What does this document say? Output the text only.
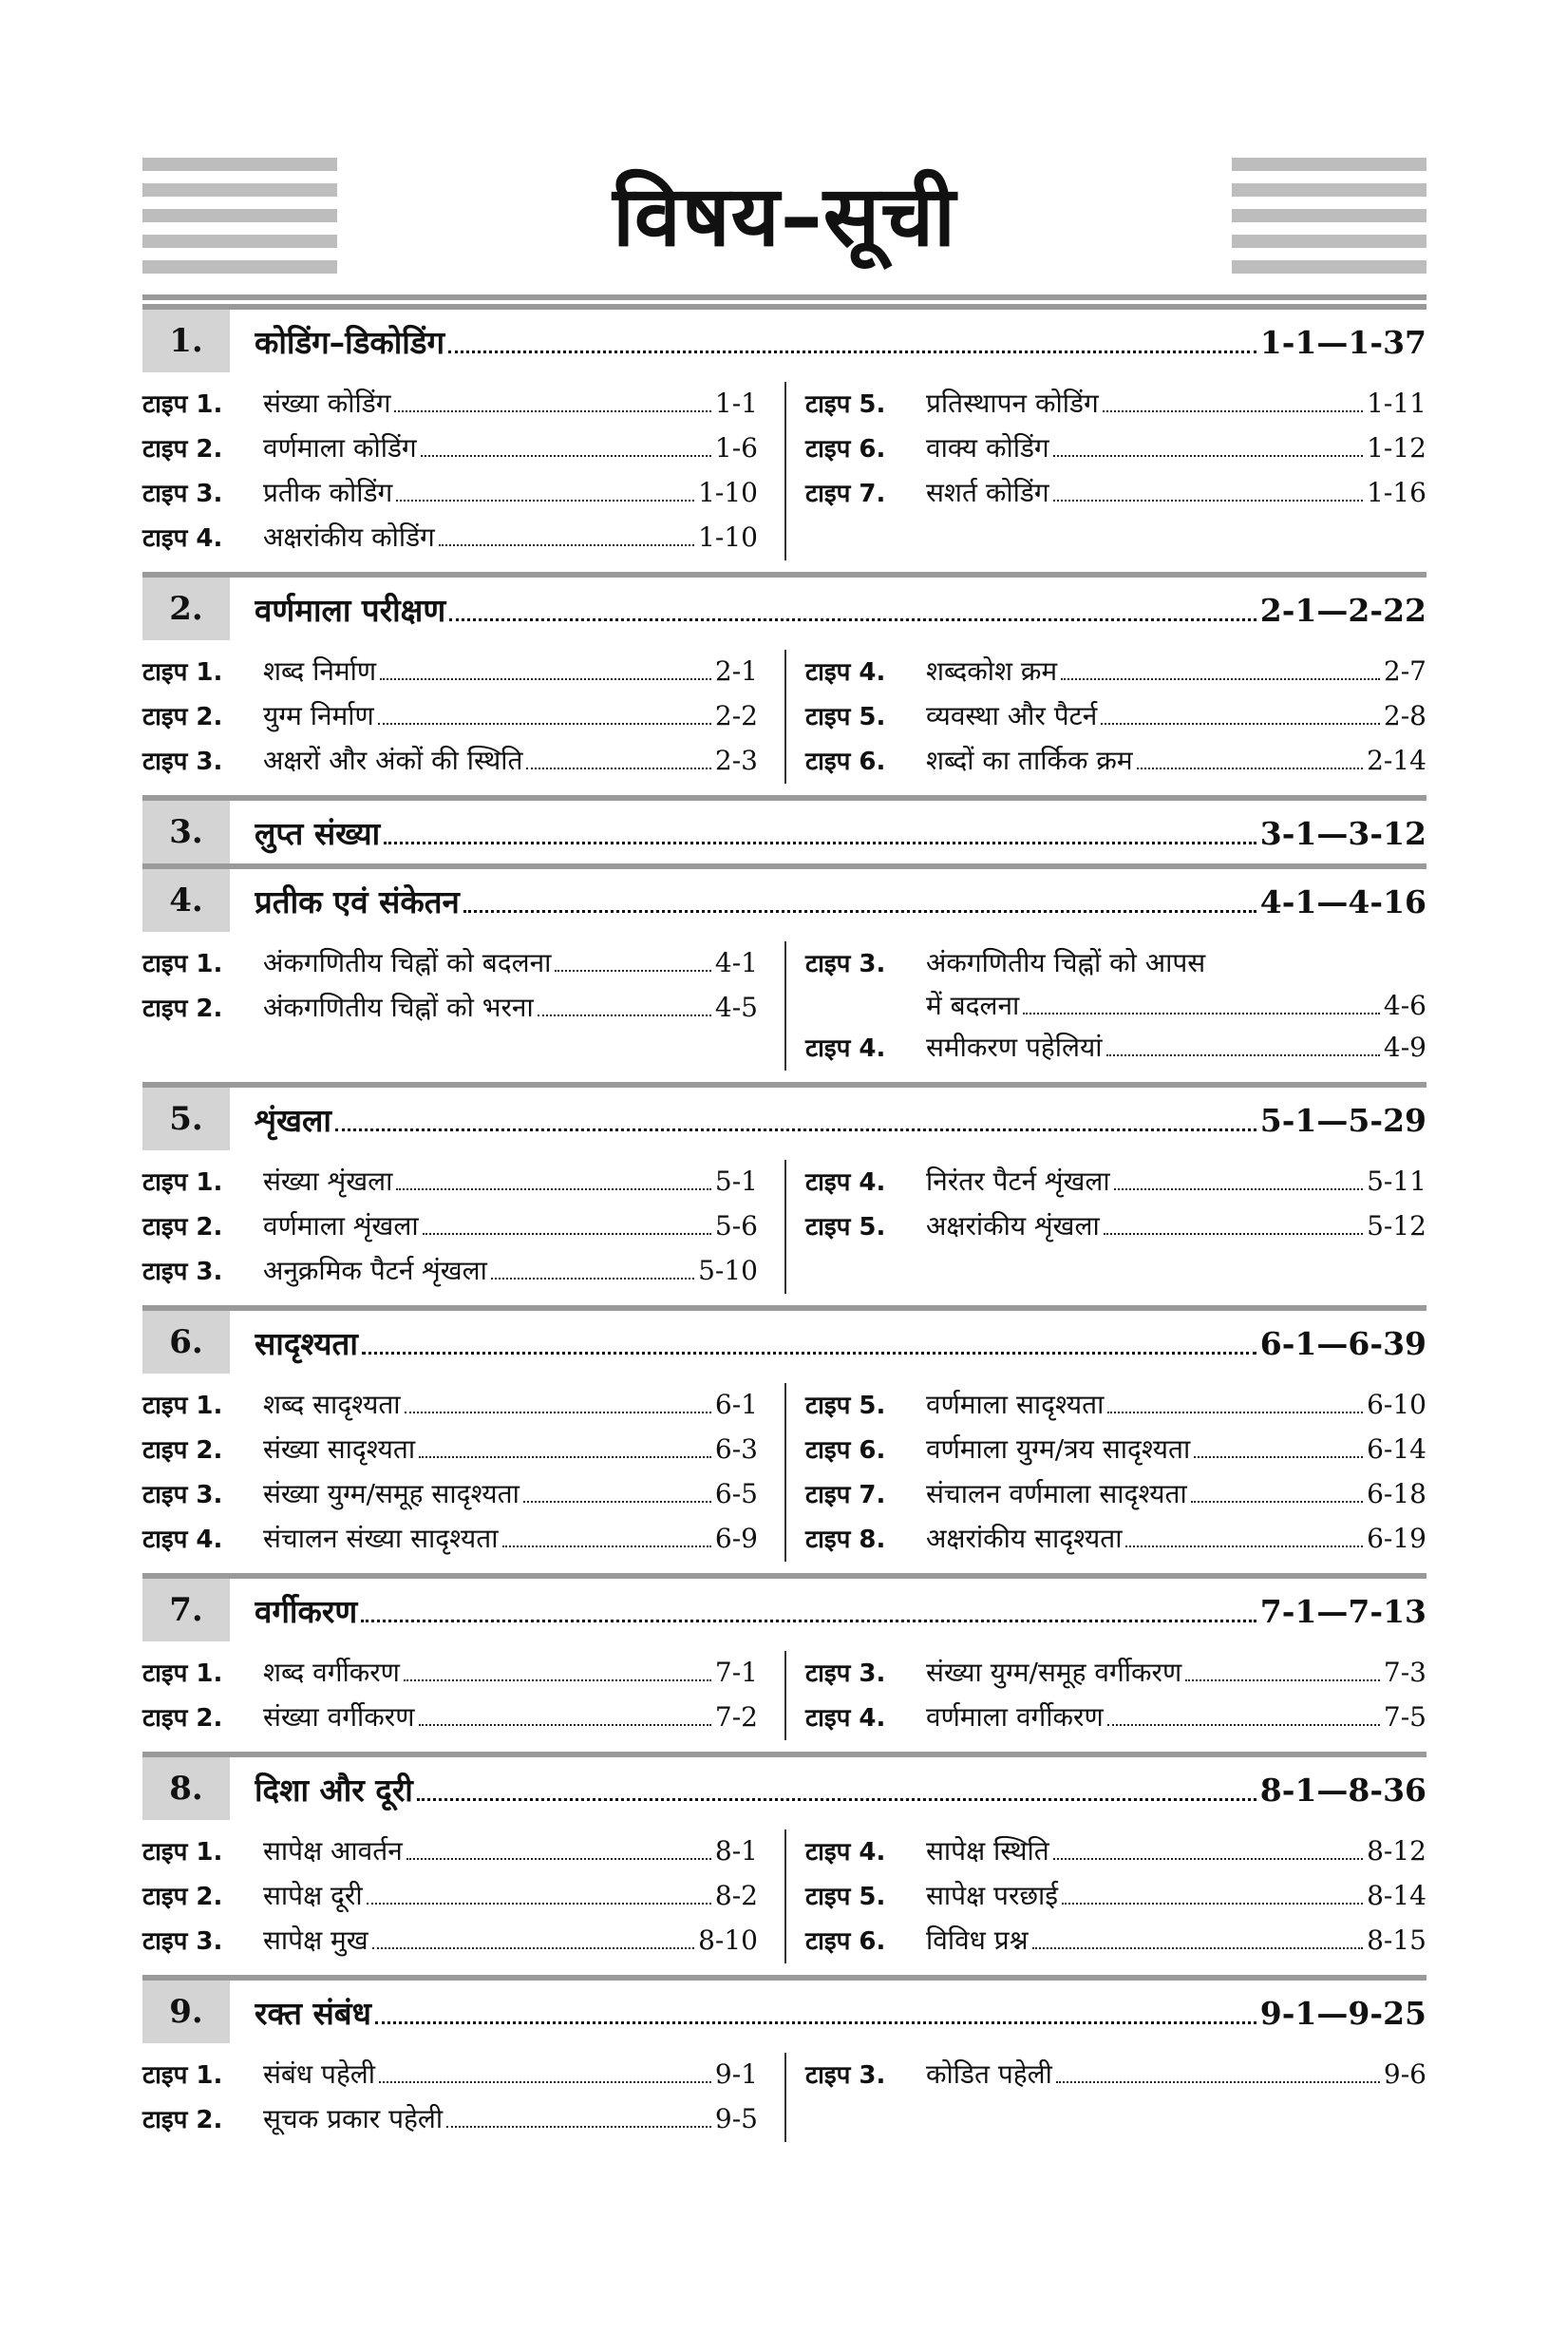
विषय–सूची
1.	कोडिंग–डिकोडिंग	1-1—1-37
टाइप 1.	संख्या कोडिंग	1-1
टाइप 2.	वर्णमाला कोडिंग	1-6
टाइप 3.	प्रतीक कोडिंग	1-10
टाइप 4.	अक्षरांकीय कोडिंग	1-10
टाइप 5.	प्रतिस्थापन कोडिंग	1-11
टाइप 6.	वाक्य कोडिंग	1-12
टाइप 7.	सशर्त कोडिंग	1-16
2.	वर्णमाला परीक्षण	2-1—2-22
टाइप 1.	शब्द निर्माण	2-1
टाइप 2.	युग्म निर्माण	2-2
टाइप 3.	अक्षरों और अंकों की स्थिति	2-3
टाइप 4.	शब्दकोश क्रम	2-7
टाइप 5.	व्यवस्था और पैटर्न	2-8
टाइप 6.	शब्दों का तार्किक क्रम	2-14
3.	लुप्त संख्या	3-1—3-12
4.	प्रतीक एवं संकेतन	4-1—4-16
टाइप 1.	अंकगणितीय चिह्नों को बदलना	4-1
टाइप 2.	अंकगणितीय चिह्नों को भरना	4-5
टाइप 3.	अंकगणितीय चिह्नों को आपस
में बदलना	4-6
टाइप 4.	समीकरण पहेलियां	4-9
5.	शृंखला	5-1—5-29
टाइप 1.	संख्या शृंखला	5-1
टाइप 2.	वर्णमाला शृंखला	5-6
टाइप 3.	अनुक्रमिक पैटर्न शृंखला	5-10
टाइप 4.	निरंतर पैटर्न शृंखला	5-11
टाइप 5.	अक्षरांकीय शृंखला	5-12
6.	सादृश्यता	6-1—6-39
टाइप 1.	शब्द सादृश्यता	6-1
टाइप 2.	संख्या सादृश्यता	6-3
टाइप 3.	संख्या युग्म/समूह सादृश्यता	6-5
टाइप 4.	संचालन संख्या सादृश्यता	6-9
टाइप 5.	वर्णमाला सादृश्यता	6-10
टाइप 6.	वर्णमाला युग्म/त्रय सादृश्यता	6-14
टाइप 7.	संचालन वर्णमाला सादृश्यता	6-18
टाइप 8.	अक्षरांकीय सादृश्यता	6-19
7.	वर्गीकरण	7-1—7-13
टाइप 1.	शब्द वर्गीकरण	7-1
टाइप 2.	संख्या वर्गीकरण	7-2
टाइप 3.	संख्या युग्म/समूह वर्गीकरण	7-3
टाइप 4.	वर्णमाला वर्गीकरण	7-5
8.	दिशा और दूरी	8-1—8-36
टाइप 1.	सापेक्ष आवर्तन	8-1
टाइप 2.	सापेक्ष दूरी	8-2
टाइप 3.	सापेक्ष मुख	8-10
टाइप 4.	सापेक्ष स्थिति	8-12
टाइप 5.	सापेक्ष परछाई	8-14
टाइप 6.	विविध प्रश्न	8-15
9.	रक्त संबंध	9-1—9-25
टाइप 1.	संबंध पहेली	9-1
टाइप 2.	सूचक प्रकार पहेली	9-5
टाइप 3.	कोडित पहेली	9-6
